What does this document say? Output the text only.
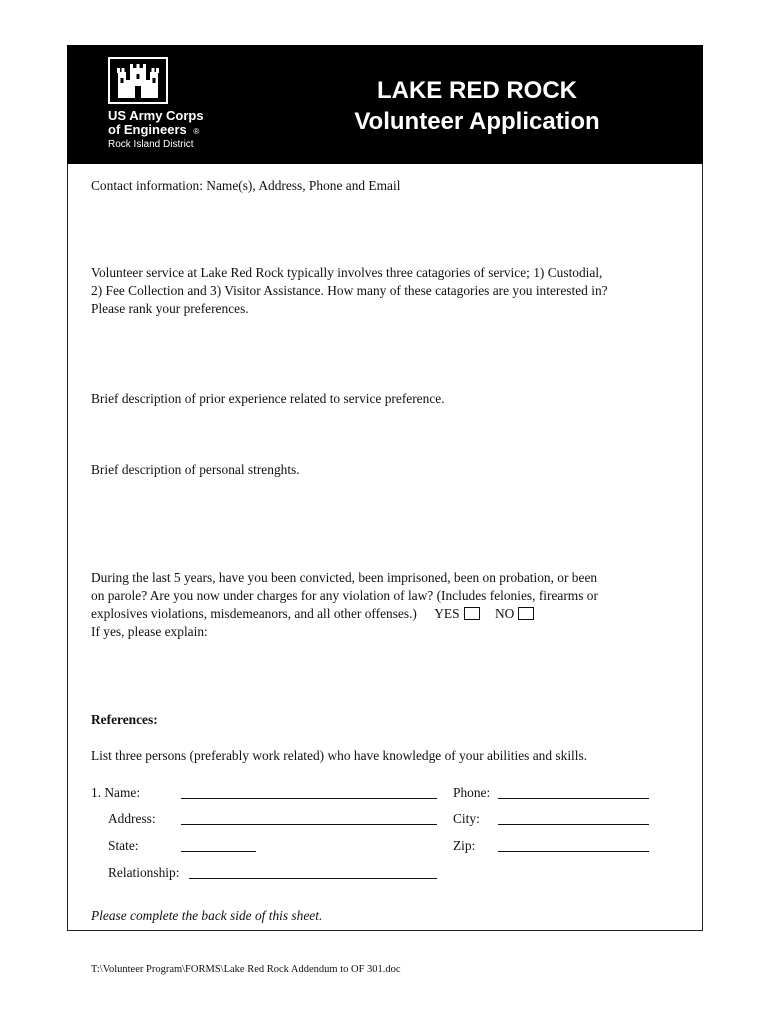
US Army Corps
of Engineers ®
Rock Island District
LAKE RED ROCK
Volunteer Application
Contact information: Name(s), Address, Phone and Email
Volunteer service at Lake Red Rock typically involves three catagories of service; 1) Custodial,
2) Fee Collection and 3) Visitor Assistance. How many of these catagories are you interested in?
Please rank your preferences.
Brief description of prior experience related to service preference.
Brief description of personal strenghts.
During the last 5 years, have you been convicted, been imprisoned, been on probation, or been
on parole? Are you now under charges for any violation of law? (Includes felonies, firearms or
explosives violations, misdemeanors, and all other offenses.) YES	NO
If yes, please explain:
References:
List three persons (preferably work related) who have knowledge of your abilities and skills.
1. Name:	Phone:
Address:	City:
State:	Zip:
Relationship:
Please complete the back side of this sheet.
T:\Volunteer Program\FORMS\Lake Red Rock Addendum to OF 301.doc
